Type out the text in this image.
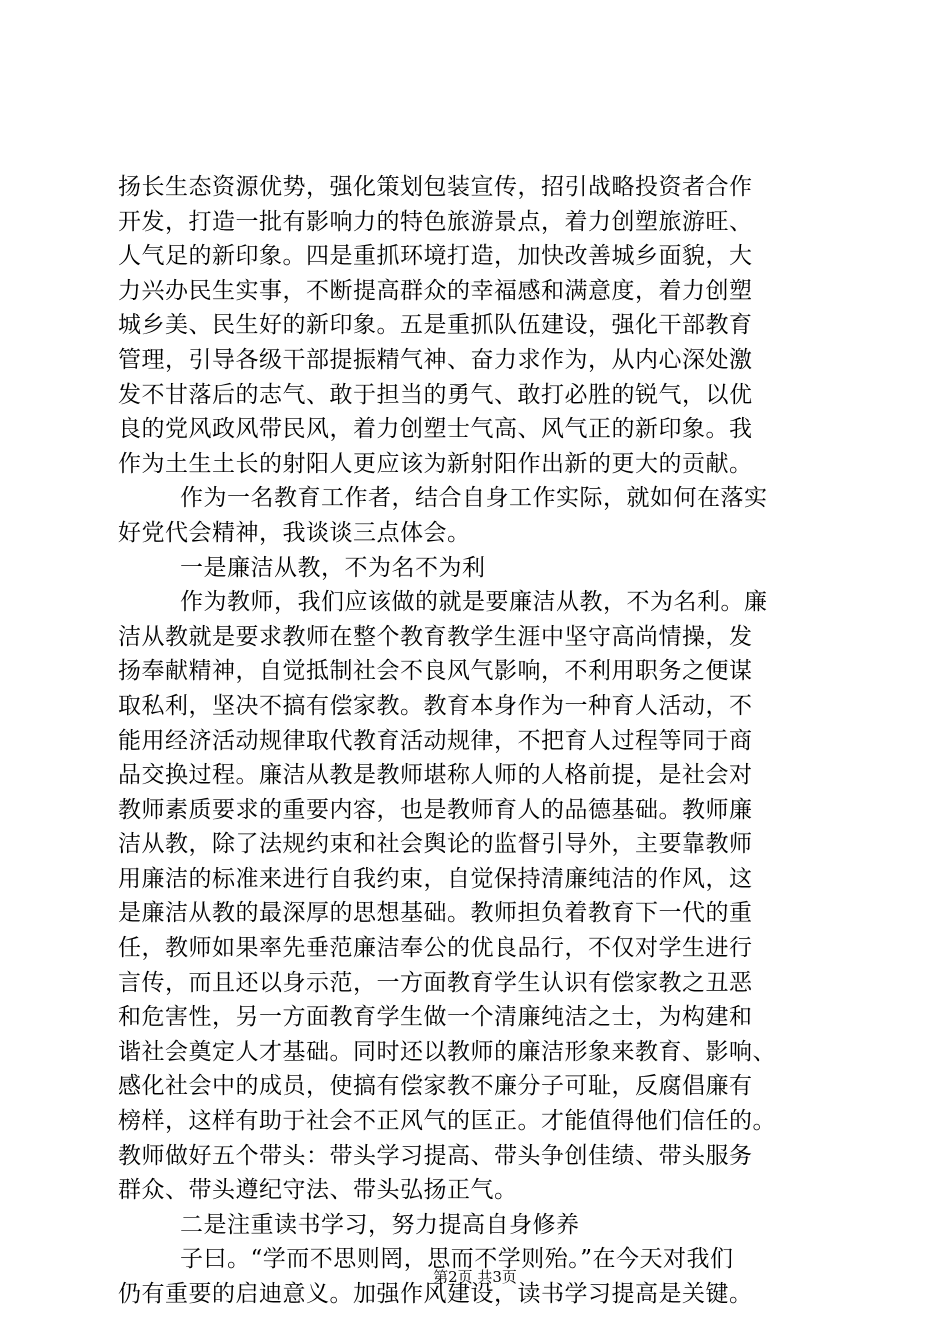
扬长生态资源优势，强化策划包装宣传，招引战略投资者合作
开发，打造一批有影响力的特色旅游景点，着力创塑旅游旺、
人气足的新印象。四是重抓环境打造，加快改善城乡面貌，大
力兴办民生实事，不断提高群众的幸福感和满意度，着力创塑
城乡美、民生好的新印象。五是重抓队伍建设，强化干部教育
管理，引导各级干部提振精气神、奋力求作为，从内心深处激
发不甘落后的志气、敢于担当的勇气、敢打必胜的锐气，以优
良的党风政风带民风，着力创塑士气高、风气正的新印象。我
作为土生土长的射阳人更应该为新射阳作出新的更大的贡献。
作为一名教育工作者，结合自身工作实际，就如何在落实
好党代会精神，我谈谈三点体会。
一是廉洁从教，不为名不为利
作为教师，我们应该做的就是要廉洁从教，不为名利。廉
洁从教就是要求教师在整个教育教学生涯中坚守高尚情操，发
扬奉献精神，自觉抵制社会不良风气影响，不利用职务之便谋
取私利，坚决不搞有偿家教。教育本身作为一种育人活动，不
能用经济活动规律取代教育活动规律，不把育人过程等同于商
品交换过程。廉洁从教是教师堪称人师的人格前提，是社会对
教师素质要求的重要内容，也是教师育人的品德基础。教师廉
洁从教，除了法规约束和社会舆论的监督引导外，主要靠教师
用廉洁的标准来进行自我约束，自觉保持清廉纯洁的作风，这
是廉洁从教的最深厚的思想基础。教师担负着教育下一代的重
任，教师如果率先垂范廉洁奉公的优良品行，不仅对学生进行
言传，而且还以身示范，一方面教育学生认识有偿家教之丑恶
和危害性，另一方面教育学生做一个清廉纯洁之士，为构建和
谐社会奠定人才基础。同时还以教师的廉洁形象来教育、影响、
感化社会中的成员，使搞有偿家教不廉分子可耻，反腐倡廉有
榜样，这样有助于社会不正风气的匡正。才能值得他们信任的。
教师做好五个带头：带头学习提高、带头争创佳绩、带头服务
群众、带头遵纪守法、带头弘扬正气。
二是注重读书学习，努力提高自身修养
子曰。“学而不思则罔，思而不学则殆。”在今天对我们
仍有重要的启迪意义。加强作风建设，读书学习提高是关键。
第2页 共3页
